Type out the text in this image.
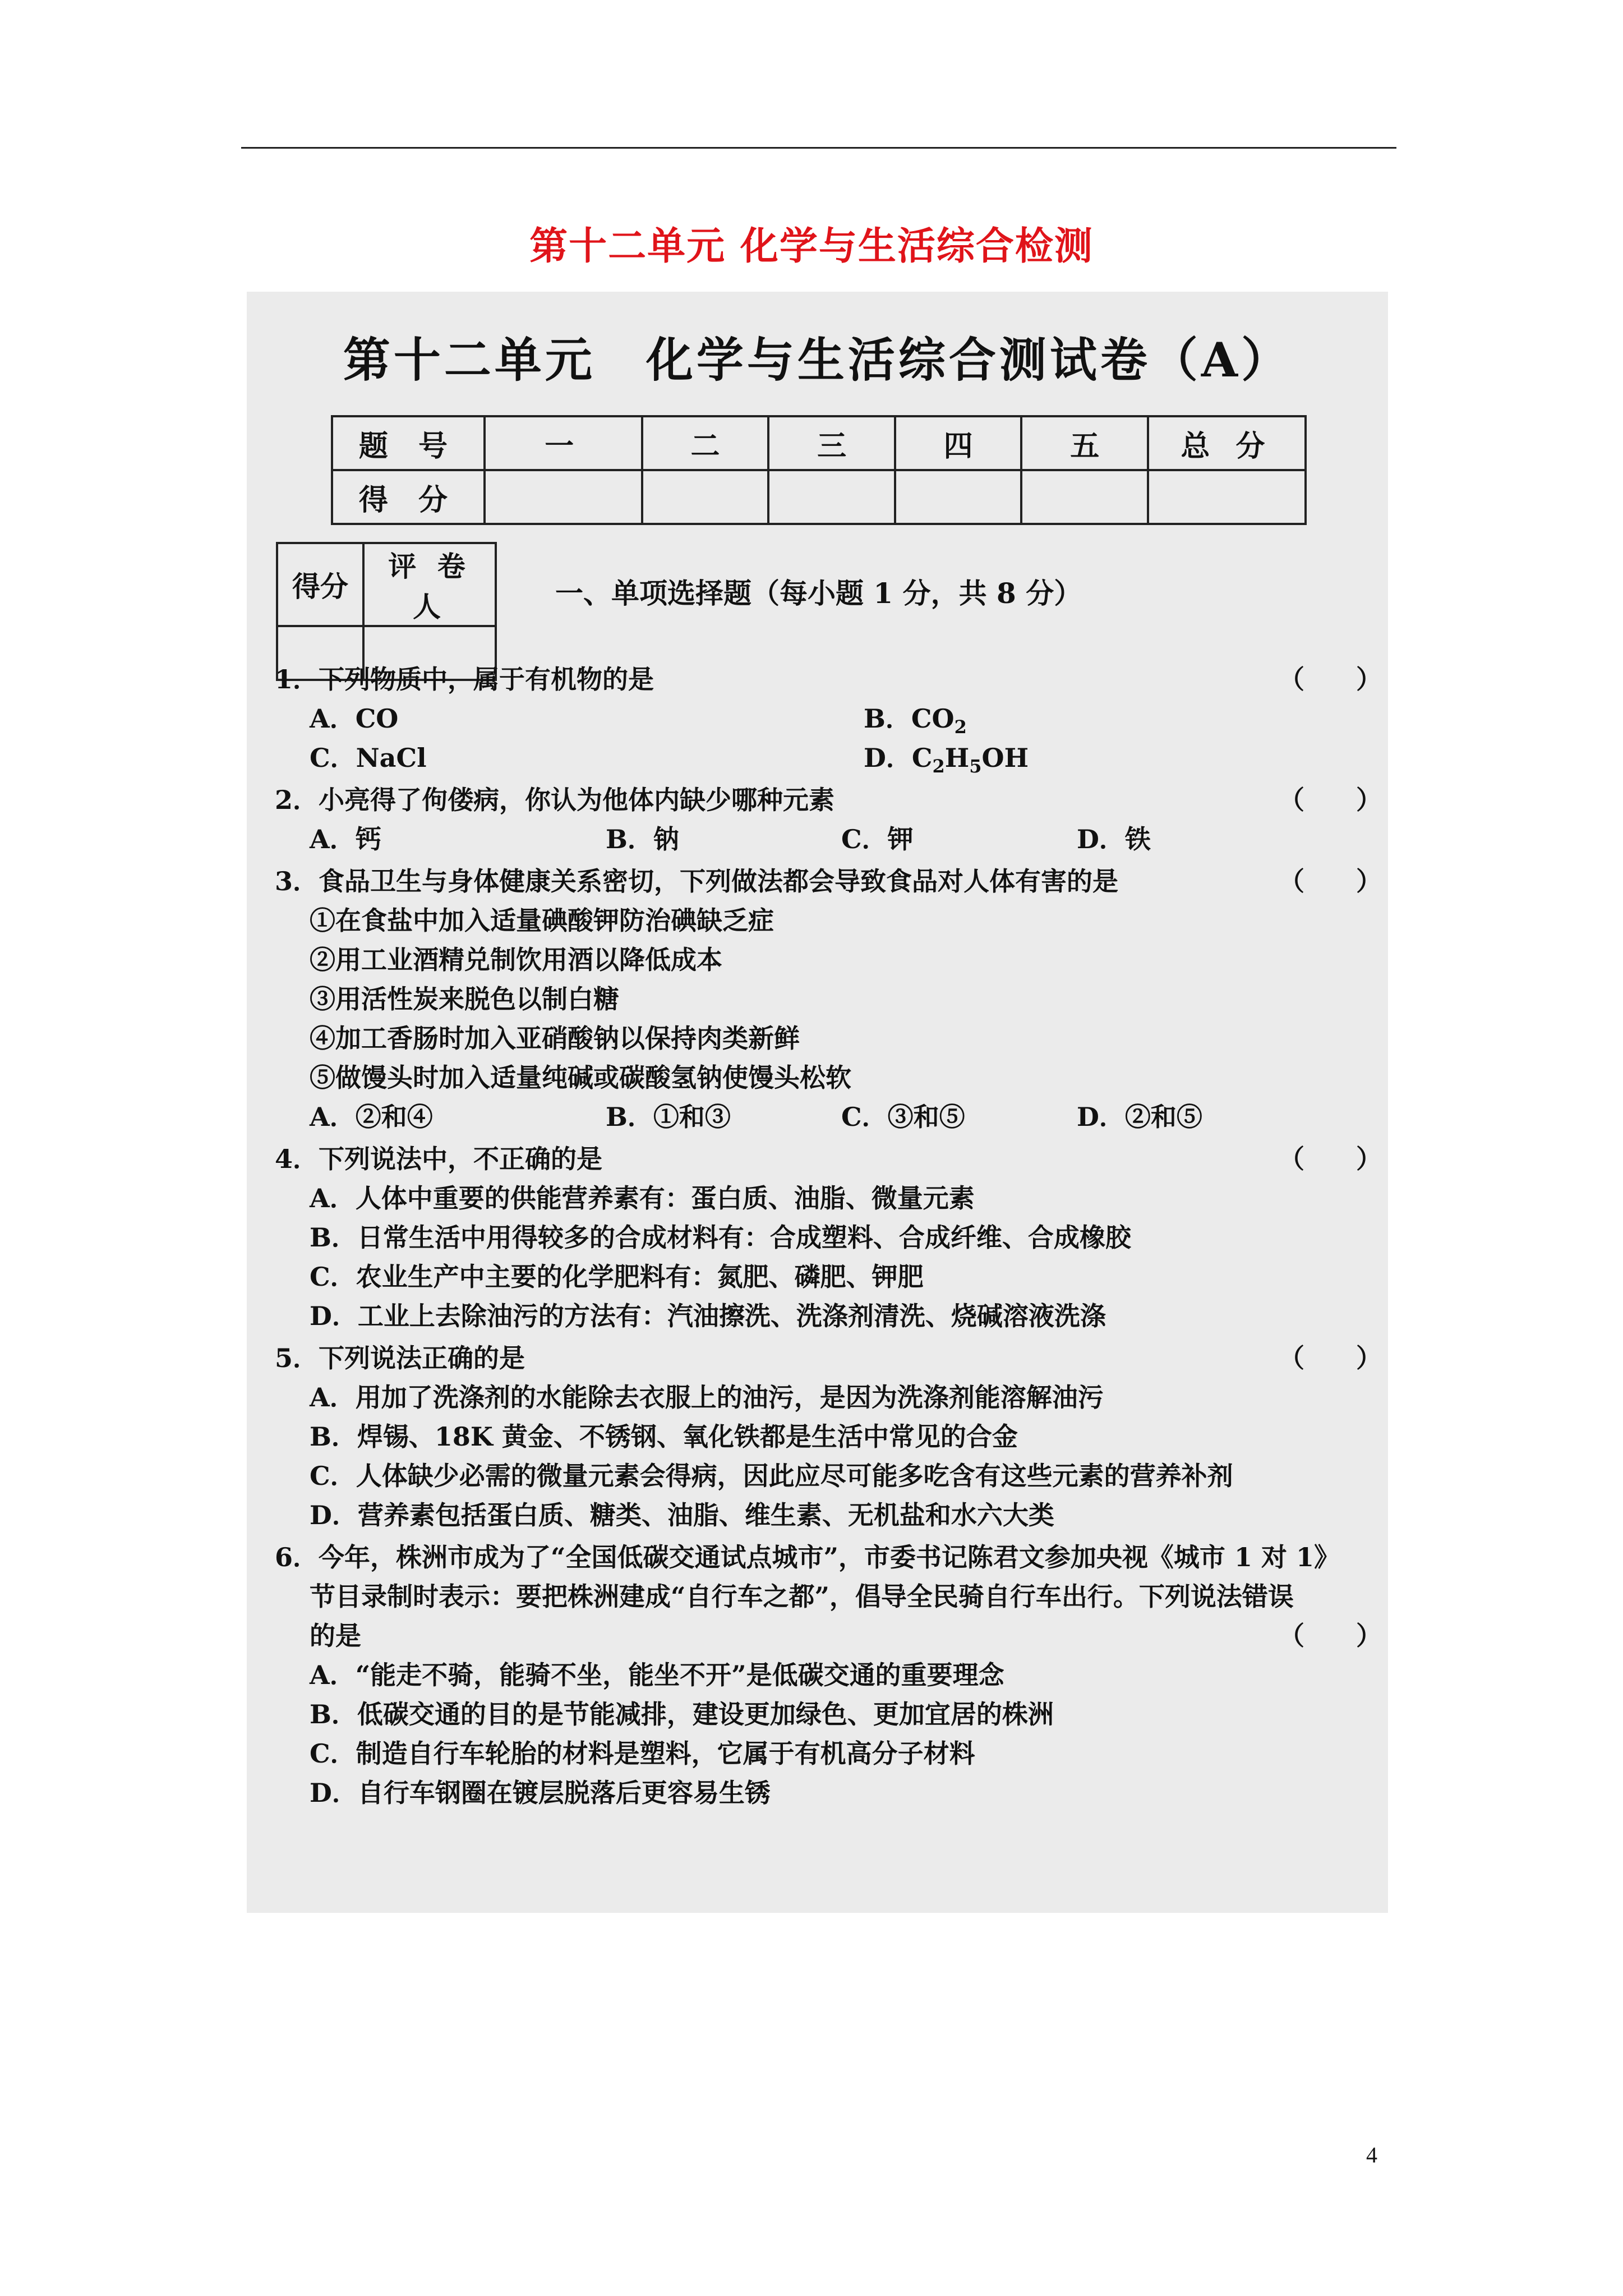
第十二单元 化学与生活综合检测
第十二单元　化学与生活综合测试卷（A）
题 号	一	二	三	四	五	总 分
得 分						
得分	评 卷 人
		一、单项选择题（每小题 1 分，共 8 分）
1．下列物质中，属于有机物的是	（　　）
A．CO	B．$CO_2$
C．NaCl	D．$C_2H_5OH$
2．小亮得了佝偻病，你认为他体内缺少哪种元素	（　　）
A．钙	B．钠	C．钾	D．铁
3．食品卫生与身体健康关系密切，下列做法都会导致食品对人体有害的是	（　　）
①在食盐中加入适量碘酸钾防治碘缺乏症
②用工业酒精兑制饮用酒以降低成本
③用活性炭来脱色以制白糖
④加工香肠时加入亚硝酸钠以保持肉类新鲜
⑤做馒头时加入适量纯碱或碳酸氢钠使馒头松软
A．②和④	B．①和③	C．③和⑤	D．②和⑤
4．下列说法中，不正确的是	（　　）
A．人体中重要的供能营养素有：蛋白质、油脂、微量元素
B．日常生活中用得较多的合成材料有：合成塑料、合成纤维、合成橡胶
C．农业生产中主要的化学肥料有：氮肥、磷肥、钾肥
D．工业上去除油污的方法有：汽油擦洗、洗涤剂清洗、烧碱溶液洗涤
5．下列说法正确的是	（　　）
A．用加了洗涤剂的水能除去衣服上的油污，是因为洗涤剂能溶解油污
B．焊锡、18K 黄金、不锈钢、氧化铁都是生活中常见的合金
C．人体缺少必需的微量元素会得病，因此应尽可能多吃含有这些元素的营养补剂
D．营养素包括蛋白质、糖类、油脂、维生素、无机盐和水六大类
6．今年，株洲市成为了“全国低碳交通试点城市”，市委书记陈君文参加央视《城市 1 对 1》
节目录制时表示：要把株洲建成“自行车之都”，倡导全民骑自行车出行。下列说法错误
的是	（　　）
A．“能走不骑，能骑不坐，能坐不开”是低碳交通的重要理念
B．低碳交通的目的是节能减排，建设更加绿色、更加宜居的株洲
C．制造自行车轮胎的材料是塑料，它属于有机高分子材料
D．自行车钢圈在镀层脱落后更容易生锈
4
